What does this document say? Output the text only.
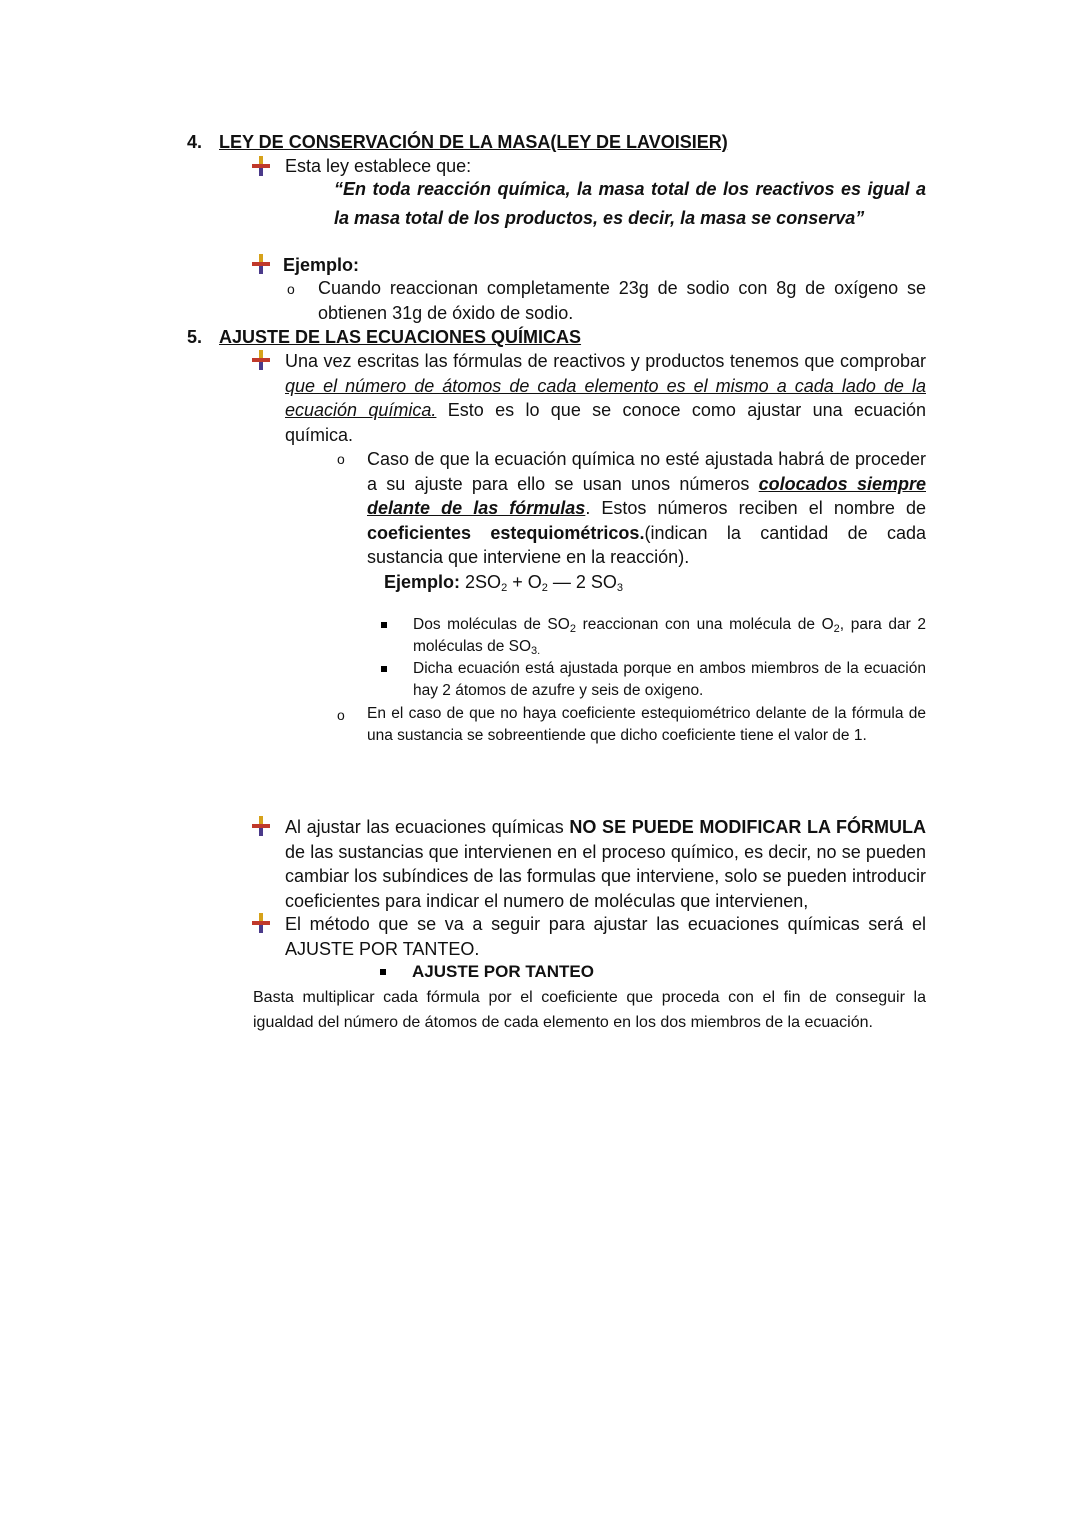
4. LEY DE CONSERVACIÓN DE LA MASA(LEY DE LAVOISIER)
Esta ley establece que:
“En toda reacción química, la masa total de los reactivos es igual a la masa total de los productos, es decir, la masa se conserva”
Ejemplo:
o Cuando reaccionan completamente 23g de sodio con 8g de oxígeno se obtienen 31g de óxido de sodio.
5. AJUSTE DE LAS ECUACIONES QUÍMICAS
Una vez escritas las fórmulas de reactivos y productos tenemos que comprobar que el número de átomos de cada elemento es el mismo a cada lado de la ecuación química. Esto es lo que se conoce como ajustar una ecuación química.
o Caso de que la ecuación química no esté ajustada habrá de proceder a su ajuste para ello se usan unos números colocados siempre delante de las fórmulas. Estos números reciben el nombre de coeficientes estequiométricos.(indican la cantidad de cada sustancia que interviene en la reacción).
Ejemplo: $2SO_2 + O_2$ — 2 $SO_3$
Dos moléculas de $SO_2$ reaccionan con una molécula de $O_2$, para dar 2 moléculas de $SO_{3.}$
Dicha ecuación está ajustada porque en ambos miembros de la ecuación hay 2 átomos de azufre y seis de oxigeno.
o En el caso de que no haya coeficiente estequiométrico delante de la fórmula de una sustancia se sobreentiende que dicho coeficiente tiene el valor de 1.
Al ajustar las ecuaciones químicas NO SE PUEDE MODIFICAR LA FÓRMULA de las sustancias que intervienen en el proceso químico, es decir, no se pueden cambiar los subíndices de las formulas que interviene, solo se pueden introducir coeficientes para indicar el numero de moléculas que intervienen,
El método que se va a seguir para ajustar las ecuaciones químicas será el AJUSTE POR TANTEO.
AJUSTE POR TANTEO
Basta multiplicar cada fórmula por el coeficiente que proceda con el fin de conseguir la igualdad del número de átomos de cada elemento en los dos miembros de la ecuación.
